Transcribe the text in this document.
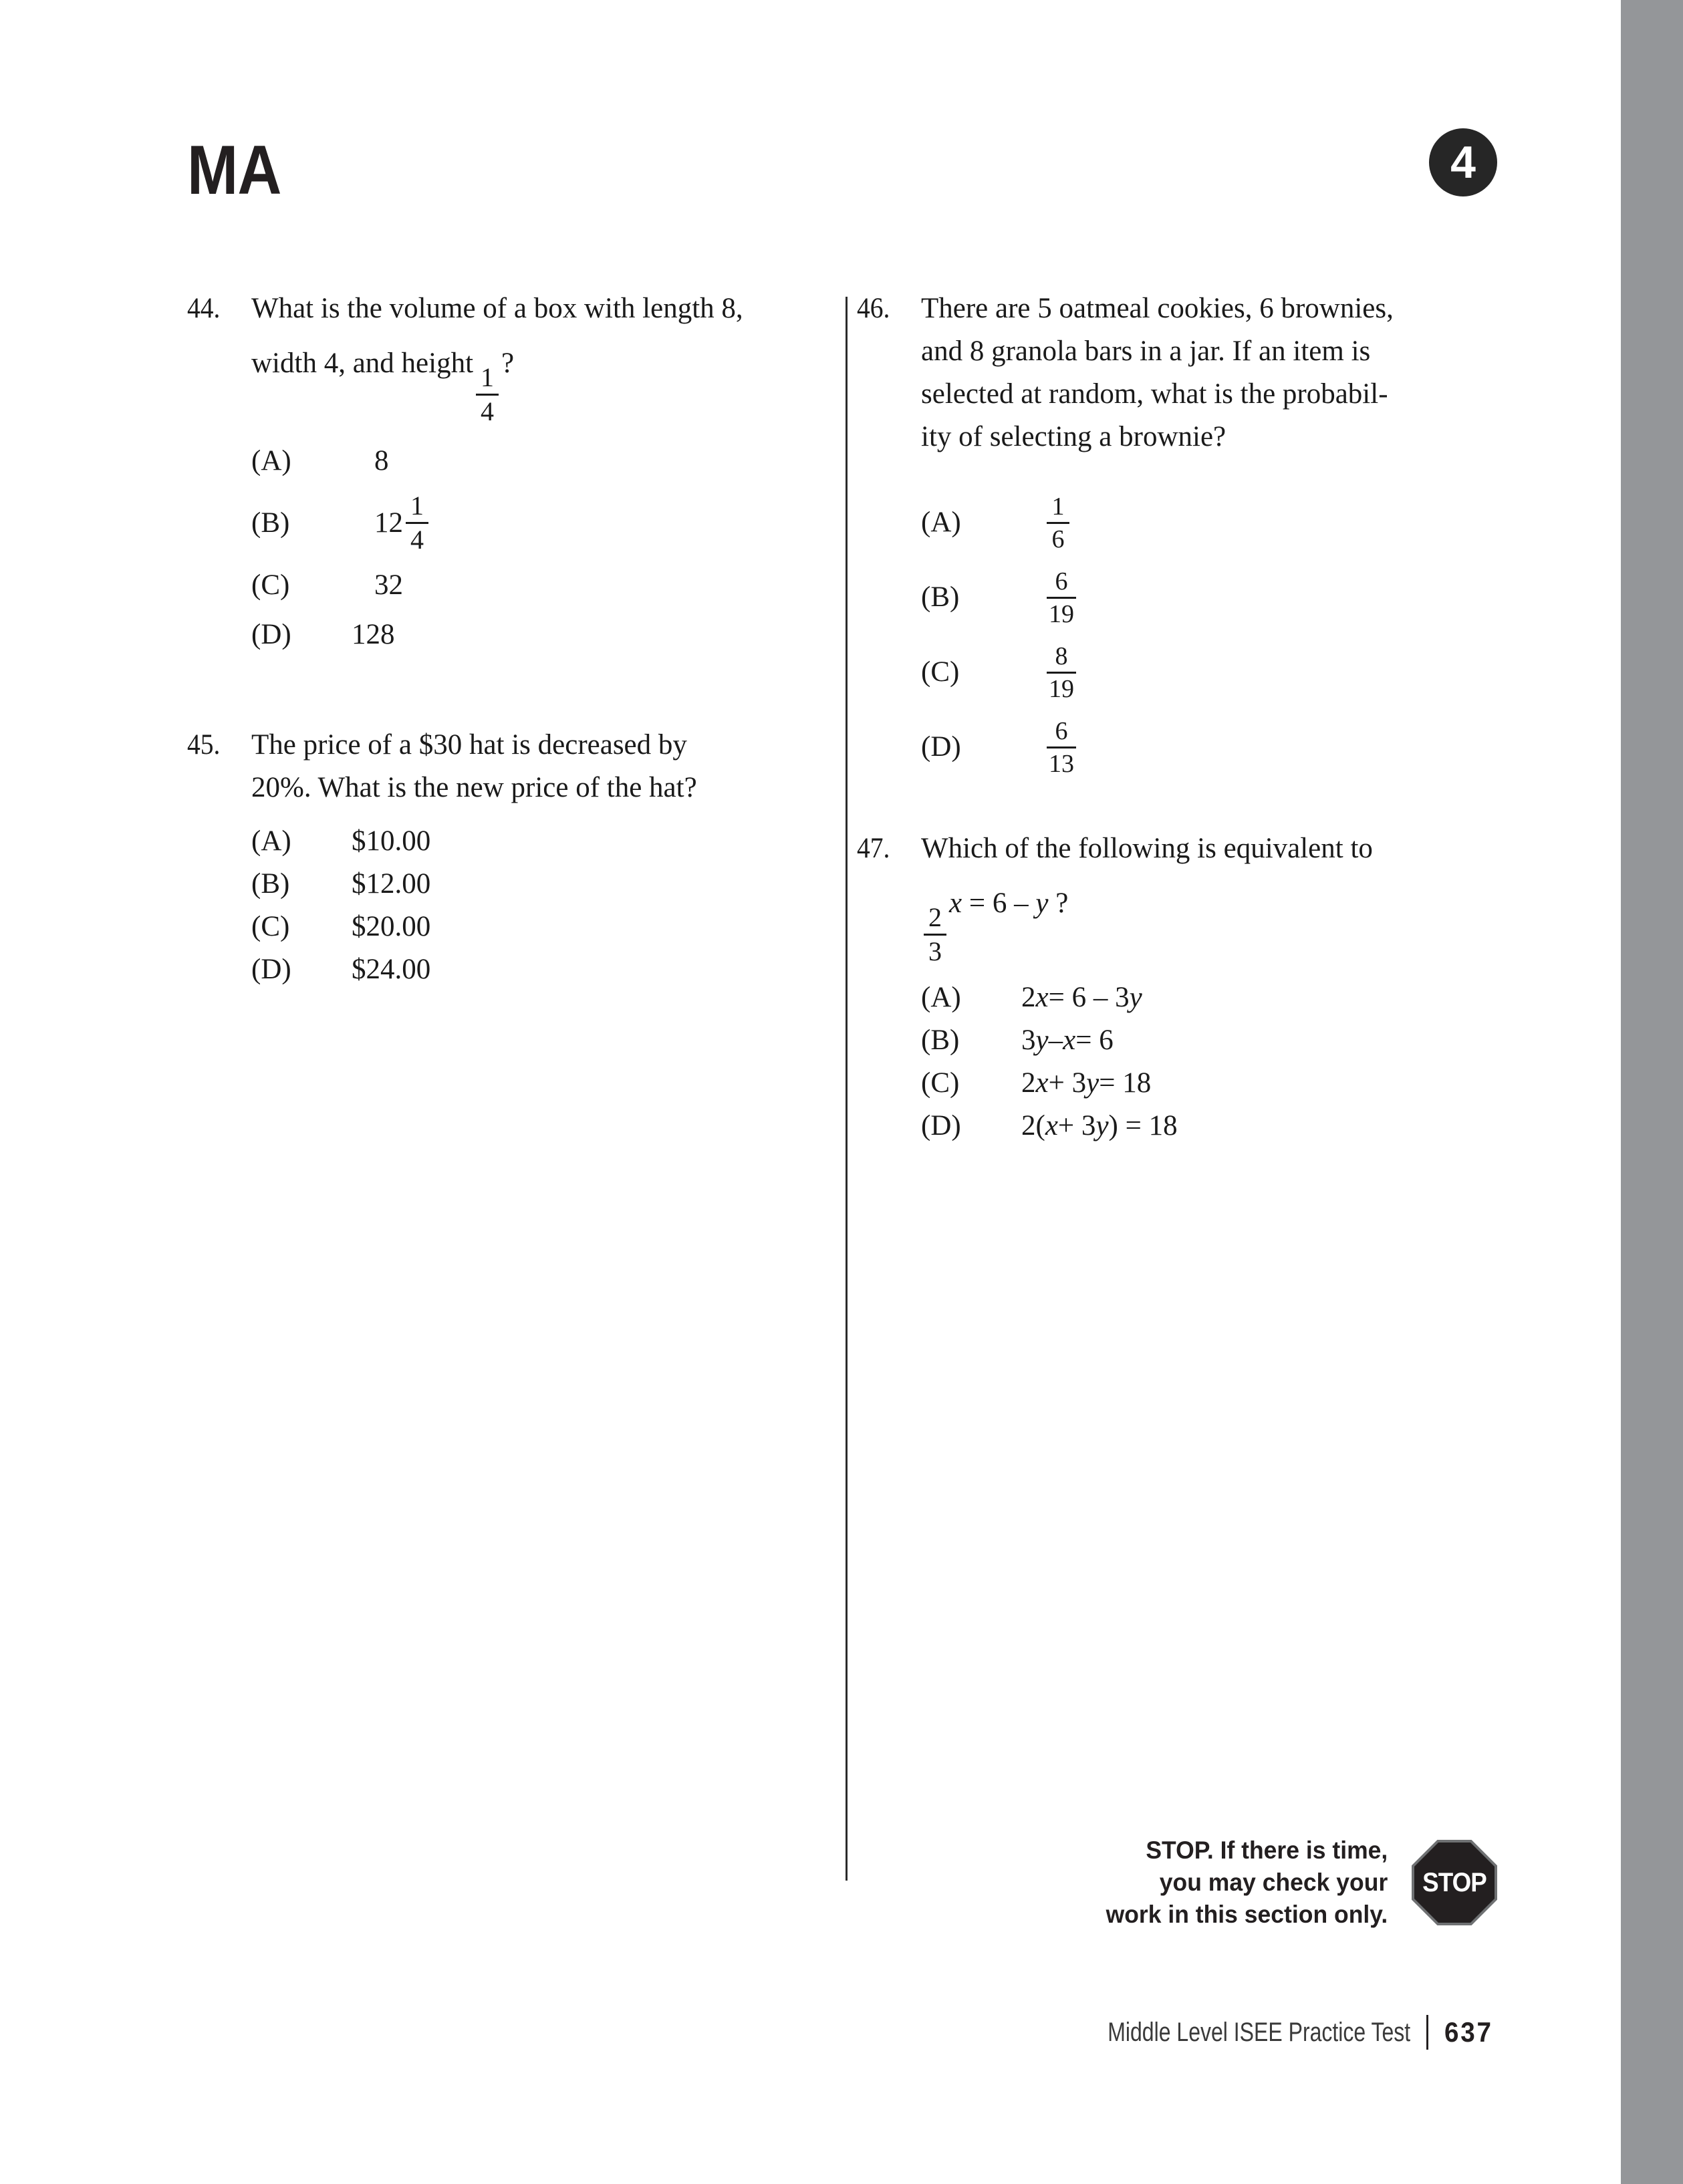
MA	4
44.	What is the volume of a box with length 8,
width 4, and height
$\frac{1}{4}$
?
(A)	8
(B)	$12 \frac{1}{4}$
(C)	32
(D)	128
45.	The price of a $30 hat is decreased by
20%. What is the new price of the hat?
(A)	$10.00
(B)	$12.00
(C)	$20.00
(D)	$24.00
46.	There are 5 oatmeal cookies, 6 brownies,
and 8 granola bars in a jar. If an item is
selected at random, what is the probabil-
ity of selecting a brownie?
(A)	$\frac{1}{6}$
(B)	$\frac{6}{19}$
(C)	$\frac{8}{19}$
(D)	$\frac{6}{13}$
47.	Which of the following is equivalent to
$\frac{2}{3}$
x = 6 – y ?
(A)	2 x = 6 – 3 y
(B)	3 y – x = 6
(C)	2 x + 3 y = 18
(D)	2( x + 3 y ) = 18
STOP. If there is time,
you may check your
work in this section only.
STOP
Middle Level ISEE Practice Test 637
